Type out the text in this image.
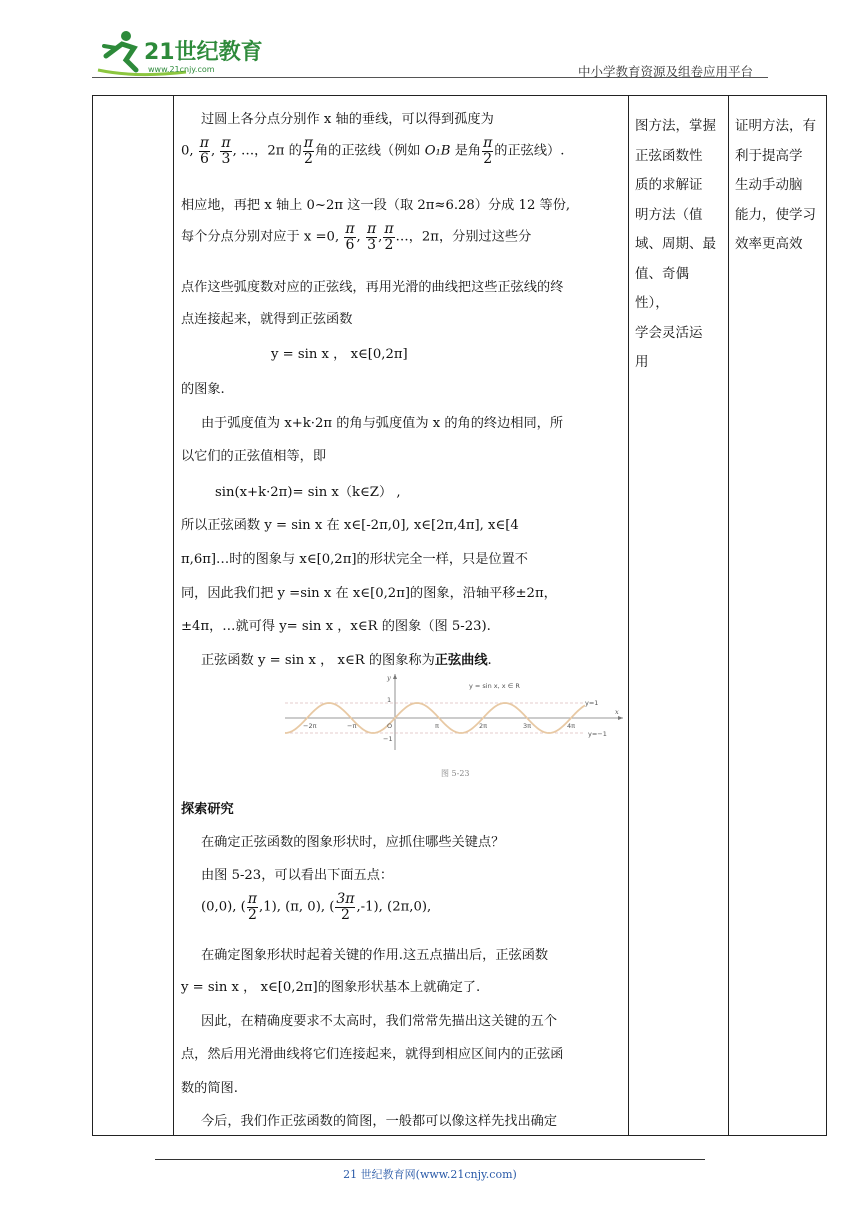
21世纪教育
www.21cnjy.com	中小学教育资源及组卷应用平台
过圆上各分点分别作 x 轴的垂线，可以得到孤度为
0, $\frac{\pi}{6}$ , $\frac{\pi}{3}$ , …，2π 的 $\frac{\pi}{2}$ 角的正弦线（例如 O₁B 是角 $\frac{\pi}{2}$ 的正弦线）.
相应地，再把 x 轴上 0~2π 这一段（取 2π≈6.28）分成 12 等份,
每个分点分别对应于 x =0, $\frac{\pi}{6}$ , $\frac{\pi}{3}$ , $\frac{\pi}{2}$ …，2π，分别过这些分
点作这些弧度数对应的正弦线，再用光滑的曲线把这些正弦线的终
点连接起来，就得到正弦函数
y = sin x ， x∈[0,2π]
的图象.
由于弧度值为 x+k·2π 的角与弧度值为 x 的角的终边相同，所
以它们的正弦值相等，即
sin(x+k·2π)= sin x（k∈Z） ,
所以正弦函数 y = sin x 在 x∈[-2π,0], x∈[2π,4π], x∈[4
π,6π]…时的图象与 x∈[0,2π]的形状完全一样，只是位置不
同，因此我们把 y =sin x 在 x∈[0,2π]的图象，沿轴平移±2π，
±4π，…就可得 y= sin x ，x∈R 的图象（图 5-23).
正弦函数 y = sin x ， x∈R 的图象称为正弦曲线.
y = sin x, x ∈ R
y=1
y=−1
1
−1
y
x
−2π	−π	O	π	2π	3π	4π
图 5-23
探索研究
在确定正弦函数的图象形状时，应抓住哪些关键点？
由图 5-23，可以看出下面五点：
(0,0), ( $\frac{\pi}{2} ,1$), (π, 0), ( $\frac{3\pi}{2} ,-1$), (2π,0),
在确定图象形状时起着关键的作用.这五点描出后，正弦函数
y = sin x ， x∈[0,2π]的图象形状基本上就确定了.
因此，在精确度要求不太高时，我们常常先描出这关键的五个
点，然后用光滑曲线将它们连接起来，就得到相应区间内的正弦函
数的简图.
今后，我们作正弦函数的简图，一般都可以像这样先找出确定
图方法，掌握
正弦函数性
质的求解证
明方法（值
域、周期、最
值、奇偶性），
学会灵活运
用
证明方法，有
利于提高学
生动手动脑
能力，使学习
效率更高效
21 世纪教育网(www.21cnjy.com)
